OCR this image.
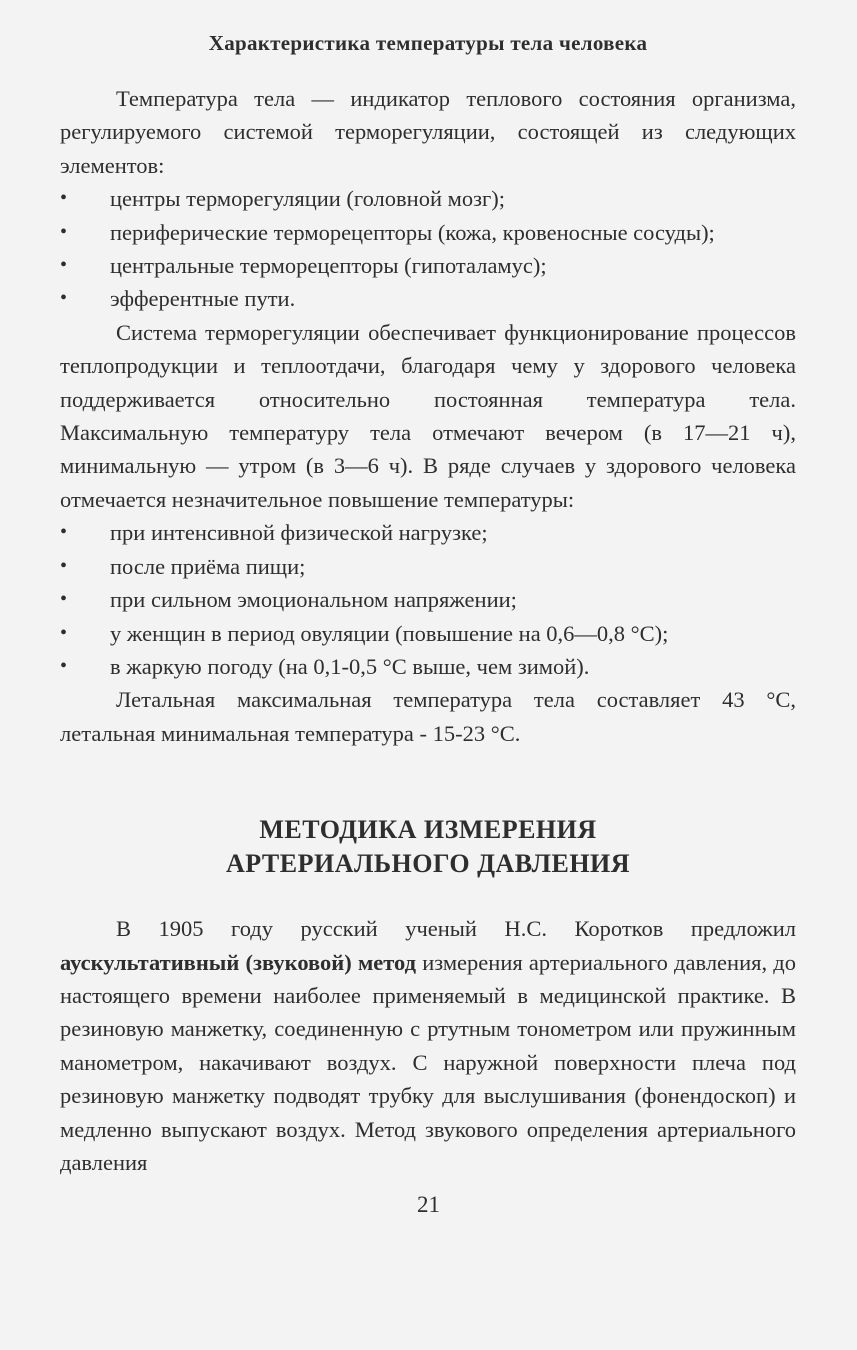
Характеристика температуры тела человека

Температура тела — индикатор теплового состояния организма, регулируемого системой терморегуляции, состоящей из следующих элементов:

• центры терморегуляции (головной мозг);
• периферические терморецепторы (кожа, кровеносные сосуды);
• центральные терморецепторы (гипоталамус);
• эфферентные пути.

Система терморегуляции обеспечивает функционирование процессов теплопродукции и теплоотдачи, благодаря чему у здорового человека поддерживается относительно постоянная температура тела. Максимальную температуру тела отмечают вечером (в 17—21 ч), минимальную — утром (в 3—6 ч). В ряде случаев у здорового человека отмечается незначительное повышение температуры:

• при интенсивной физической нагрузке;
• после приёма пищи;
• при сильном эмоциональном напряжении;
• у женщин в период овуляции (повышение на 0,6—0,8 °С);
• в жаркую погоду (на 0,1-0,5 °С выше, чем зимой).

Летальная максимальная температура тела составляет 43 °С, летальная минимальная температура - 15-23 °С.

МЕТОДИКА ИЗМЕРЕНИЯ
АРТЕРИАЛЬНОГО ДАВЛЕНИЯ

В 1905 году русский ученый Н.С. Коротков предложил аускультативный (звуковой) метод измерения артериального давления, до настоящего времени наиболее применяемый в медицинской практике. В резиновую манжетку, соединенную с ртутным тонометром или пружинным манометром, накачивают воздух. С наружной поверхности плеча под резиновую манжетку подводят трубку для выслушивания (фонендоскоп) и медленно выпускают воздух. Метод звукового определения артериального давления

21
